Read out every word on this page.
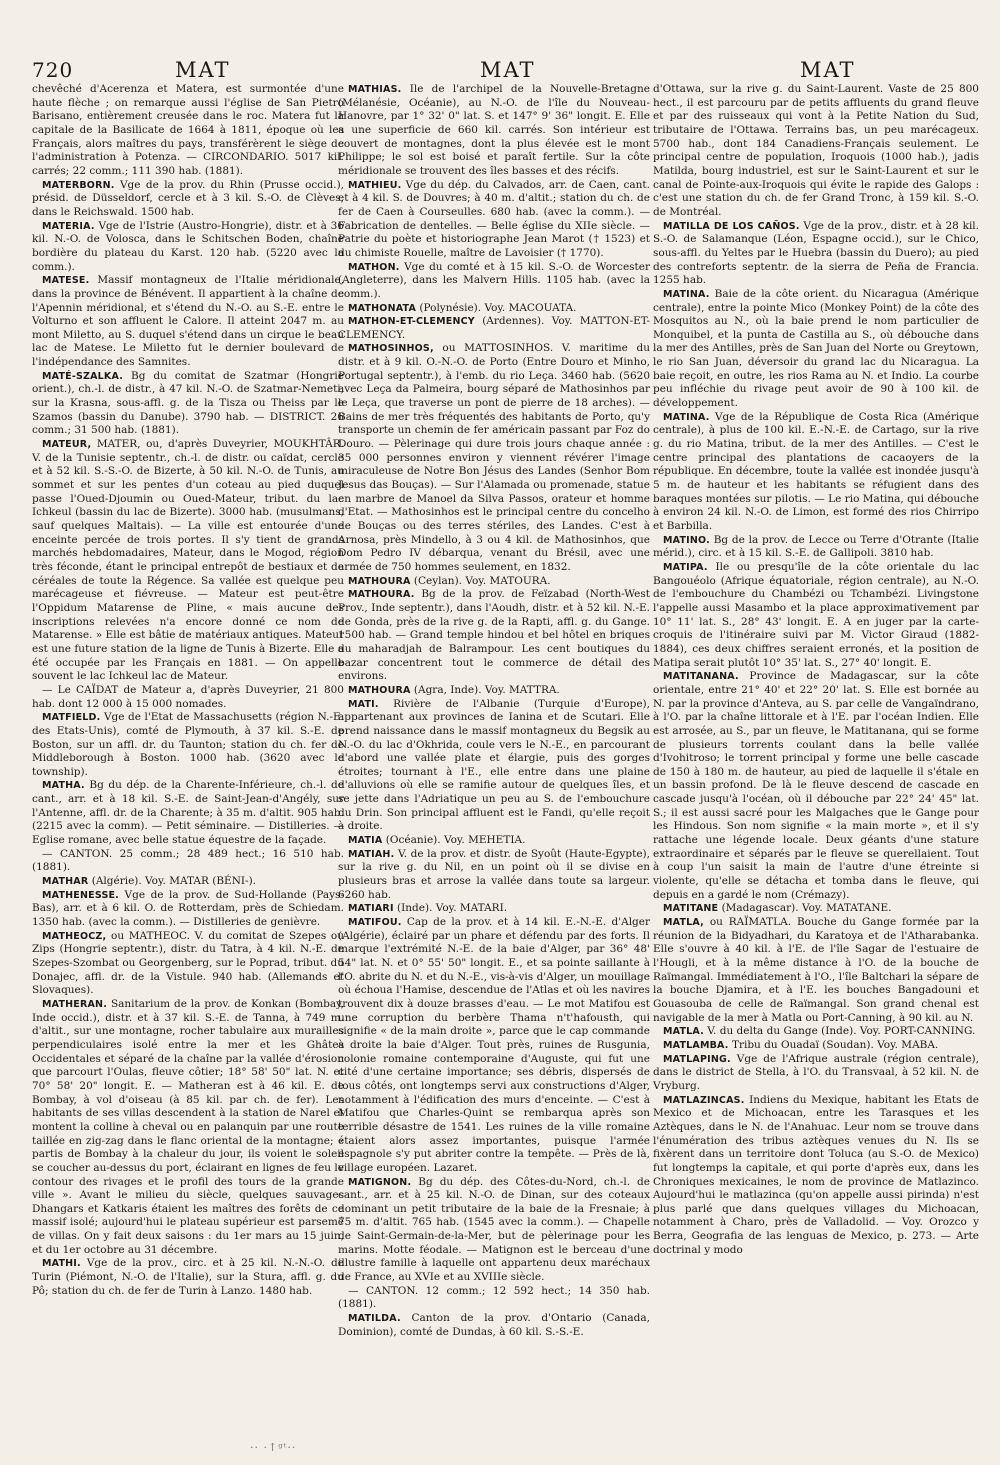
720	MAT	MAT	MAT

chevêché d'Acerenza et Matera, est surmontée d'une haute flèche ; on remarque aussi l'église de San Pietro Barisano, entièrement creusée dans le roc. Matera fut la capitale de la Basilicate de 1664 à 1811, époque où les Français, alors maîtres du pays, transférèrent le siège de l'administration à Potenza. — CIRCONDARIO. 5017 kil. carrés; 22 comm.; 111 390 hab. (1881).

MATERBORN. Vge de la prov. du Rhin (Prusse occid.), présid. de Düsseldorf, cercle et à 3 kil. S.-O. de Clèves, dans le Reichswald. 1500 hab.

MATERIA. Vge de l'Istrie (Austro-Hongrie), distr. et à 36 kil. N.-O. de Volosca, dans le Schitschen Boden, chaîne bordière du plateau du Karst. 120 hab. (5220 avec la comm.).

MATESE. Massif montagneux de l'Italie méridionale, dans la province de Bénévent. Il appartient à la chaîne de l'Apennin méridional, et s'étend du N.-O. au S.-E. entre le Volturno et son affluent le Calore. Il atteint 2047 m. au mont Miletto, au S. duquel s'étend dans un cirque le beau lac de Matese. Le Miletto fut le dernier boulevard de l'indépendance des Samnites.

MATÉ-SZALKA. Bg du comitat de Szatmar (Hongrie orient.), ch.-l. de distr., à 47 kil. N.-O. de Szatmar-Nemeti, sur la Krasna, sous-affl. g. de la Tisza ou Theiss par le Szamos (bassin du Danube). 3790 hab. — DISTRICT. 26 comm.; 31 500 hab. (1881).

MATEUR, MATER, ou, d'après Duveyrier, MOUKHTÂR. V. de la Tunisie septentr., ch.-l. de distr. ou caïdat, cercle et à 52 kil. S.-S.-O. de Bizerte, à 50 kil. N.-O. de Tunis, au sommet et sur les pentes d'un coteau au pied duquel passe l'Oued-Djoumin ou Oued-Mateur, tribut. du lac Ichkeul (bassin du lac de Bizerte). 3000 hab. (musulmans, sauf quelques Maltais). — La ville est entourée d'une enceinte percée de trois portes. Il s'y tient de grands marchés hebdomadaires, Mateur, dans le Mogod, région très féconde, étant le principal entrepôt de bestiaux et de céréales de toute la Régence. Sa vallée est quelque peu marécageuse et fiévreuse. — Mateur est peut-être l'Oppidum Matarense de Pline, « mais aucune des inscriptions relevées n'a encore donné ce nom de Matarense. » Elle est bâtie de matériaux antiques. Mateur est une future station de la ligne de Tunis à Bizerte. Elle a été occupée par les Français en 1881. — On appelle souvent le lac Ichkeul lac de Mateur.

— Le CAÏDAT de Mateur a, d'après Duveyrier, 21 800 hab. dont 12 000 à 15 000 nomades.

MATFIELD. Vge de l'Etat de Massachusetts (région N.-E. des Etats-Unis), comté de Plymouth, à 37 kil. S.-E. de Boston, sur un affl. dr. du Taunton; station du ch. fer de Middleborough à Boston. 1000 hab. (3620 avec le township).

MATHA. Bg du dép. de la Charente-Inférieure, ch.-l. de cant., arr. et à 18 kil. S.-E. de Saint-Jean-d'Angély, sur l'Antenne, affl. dr. de la Charente; à 35 m. d'altit. 905 hab. (2215 avec la comm). — Petit séminaire. — Distilleries. — Eglise romane, avec belle statue équestre de la façade.

— CANTON. 25 comm.; 28 489 hect.; 16 510 hab. (1881).

MATHAR (Algérie). Voy. MATAR (BÉNI-).

MATHENESSE. Vge de la prov. de Sud-Hollande (Pays-Bas), arr. et à 6 kil. O. de Rotterdam, près de Schiedam. 1350 hab. (avec la comm.). — Distilleries de genièvre.

MATHEOCZ, ou MATHEOC. V. du comitat de Szepes ou Zips (Hongrie septentr.), distr. du Tatra, à 4 kil. N.-E. de Szepes-Szombat ou Georgenberg, sur le Poprad, tribut. du Donajec, affl. dr. de la Vistule. 940 hab. (Allemands et Slovaques).

MATHERAN. Sanitarium de la prov. de Konkan (Bombay, Inde occid.), distr. et à 37 kil. S.-E. de Tanna, à 749 m. d'altit., sur une montagne, rocher tabulaire aux murailles perpendiculaires isolé entre la mer et les Ghâtes Occidentales et séparé de la chaîne par la vallée d'érosion que parcourt l'Oulas, fleuve côtier; 18° 58' 50" lat. N. et 70° 58' 20" longit. E. — Matheran est à 46 kil. E. de Bombay, à vol d'oiseau (à 85 kil. par ch. de fer). Les habitants de ses villas descendent à la station de Narel et montent la colline à cheval ou en palanquin par une route taillée en zig-zag dans le flanc oriental de la montagne; « partis de Bombay à la chaleur du jour, ils voient le soleil se coucher au-dessus du port, éclairant en lignes de feu le contour des rivages et le profil des tours de la grande ville ». Avant le milieu du siècle, quelques sauvages Dhangars et Katkaris étaient les maîtres des forêts de ce massif isolé; aujourd'hui le plateau supérieur est parsemé de villas. On y fait deux saisons : du 1er mars au 15 juin, et du 1er octobre au 31 décembre.

MATHI. Vge de la prov., circ. et à 25 kil. N.-N.-O. de Turin (Piémont, N.-O. de l'Italie), sur la Stura, affl. g. du Pô; station du ch. de fer de Turin à Lanzo. 1480 hab.

MATHIAS. Ile de l'archipel de la Nouvelle-Bretagne (Mélanésie, Océanie), au N.-O. de l'île du Nouveau-Hanovre, par 1° 32' 0" lat. S. et 147° 9' 36" longit. E. Elle a une superficie de 660 kil. carrés. Son intérieur est couvert de montagnes, dont la plus élevée est le mont Philippe; le sol est boisé et paraît fertile. Sur la côte méridionale se trouvent des îles basses et des récifs.

MATHIEU. Vge du dép. du Calvados, arr. de Caen, cant. et à 4 kil. S. de Douvres; à 40 m. d'altit.; station du ch. de fer de Caen à Courseulles. 680 hab. (avec la comm.). — Fabrication de dentelles. — Belle église du XIIe siècle. — Patrie du poète et historiographe Jean Marot († 1523) et du chimiste Rouelle, maître de Lavoisier († 1770).

MATHON. Vge du comté et à 15 kil. S.-O. de Worcester (Angleterre), dans les Malvern Hills. 1105 hab. (avec la comm.).

MATHONATA (Polynésie). Voy. MACOUATA.

MATHON-ET-CLEMENCY (Ardennes). Voy. MATTON-ET-CLEMENCY.

MATHOSINHOS, ou MATTOSINHOS. V. maritime du distr. et à 9 kil. O.-N.-O. de Porto (Entre Douro et Minho, Portugal septentr.), à l'emb. du rio Leça. 3460 hab. (5620 avec Leça da Palmeira, bourg séparé de Mathosinhos par le Leça, que traverse un pont de pierre de 18 arches). — Bains de mer très fréquentés des habitants de Porto, qu'y transporte un chemin de fer américain passant par Foz do Douro. — Pèlerinage qui dure trois jours chaque année : 35 000 personnes environ y viennent révérer l'image miraculeuse de Notre Bon Jésus des Landes (Senhor Bom Jesus das Bouças). — Sur l'Alamada ou promenade, statue en marbre de Manoel da Silva Passos, orateur et homme d'Etat. — Mathosinhos est le principal centre du concelho de Bouças ou des terres stériles, des Landes. C'est à Arnosa, près Mindello, à 3 ou 4 kil. de Mathosinhos, que Dom Pedro IV débarqua, venant du Brésil, avec une armée de 750 hommes seulement, en 1832.

MATHOURA (Ceylan). Voy. MATOURA.

MATHOURA. Bg de la prov. de Feïzabad (North-West Prov., Inde septentr.), dans l'Aoudh, distr. et à 52 kil. N.-E. de Gonda, près de la rive g. de la Rapti, affl. g. du Gange. 1500 hab. — Grand temple hindou et bel hôtel en briques du maharadjah de Balrampour. Les cent boutiques du bazar concentrent tout le commerce de détail des environs.

MATHOURA (Agra, Inde). Voy. MATTRA.

MATI. Rivière de l'Albanie (Turquie d'Europe), appartenant aux provinces de Ianina et de Scutari. Elle prend naissance dans le massif montagneux du Begsik au N.-O. du lac d'Okhrida, coule vers le N.-E., en parcourant d'abord une vallée plate et élargie, puis des gorges étroites; tournant à l'E., elle entre dans une plaine d'alluvions où elle se ramifie autour de quelques îles, et se jette dans l'Adriatique un peu au S. de l'embouchure du Drin. Son principal affluent est le Fandi, qu'elle reçoit à droite.

MATIA (Océanie). Voy. MEHETIA.

MATIAH. V. de la prov. et distr. de Syoût (Haute-Egypte), sur la rive g. du Nil, en un point où il se divise en plusieurs bras et arrose la vallée dans toute sa largeur. 6260 hab.

MATIARI (Inde). Voy. MATARI.

MATIFOU. Cap de la prov. et à 14 kil. E.-N.-E. d'Alger (Algérie), éclairé par un phare et défendu par des forts. Il marque l'extrémité N.-E. de la baie d'Alger, par 36° 48' 54" lat. N. et 0° 55' 50" longit. E., et sa pointe saillante à l'O. abrite du N. et du N.-E., vis-à-vis d'Alger, un mouillage où échoua l'Hamise, descendue de l'Atlas et où les navires trouvent dix à douze brasses d'eau. — Le mot Matifou est une corruption du berbère Thama n't'hafousth, qui signifie « de la main droite », parce que le cap commande à droite la baie d'Alger. Tout près, ruines de Rusgunia, colonie romaine contemporaine d'Auguste, qui fut une cité d'une certaine importance; ses débris, dispersés de tous côtés, ont longtemps servi aux constructions d'Alger, notamment à l'édification des murs d'enceinte. — C'est à Matifou que Charles-Quint se rembarqua après son terrible désastre de 1541. Les ruines de la ville romaine étaient alors assez importantes, puisque l'armée espagnole s'y put abriter contre la tempête. — Près de là, village européen. Lazaret.

MATIGNON. Bg du dép. des Côtes-du-Nord, ch.-l. de cant., arr. et à 25 kil. N.-O. de Dinan, sur des coteaux dominant un petit tributaire de la baie de la Fresnaie; à 75 m. d'altit. 765 hab. (1545 avec la comm.). — Chapelle de Saint-Germain-de-la-Mer, but de pèlerinage pour les marins. Motte féodale. — Matignon est le berceau d'une illustre famille à laquelle ont appartenu deux maréchaux de France, au XVIe et au XVIIIe siècle.

— CANTON. 12 comm.; 12 592 hect.; 14 350 hab. (1881).

MATILDA. Canton de la prov. d'Ontario (Canada, Dominion), comté de Dundas, à 60 kil. S.-S.-E.

d'Ottawa, sur la rive g. du Saint-Laurent. Vaste de 25 800 hect., il est parcouru par de petits affluents du grand fleuve et par des ruisseaux qui vont à la Petite Nation du Sud, tributaire de l'Ottawa. Terrains bas, un peu marécageux. 5700 hab., dont 184 Canadiens-Français seulement. Le principal centre de population, Iroquois (1000 hab.), jadis Matilda, bourg industriel, est sur le Saint-Laurent et sur le canal de Pointe-aux-Iroquois qui évite le rapide des Galops : c'est une station du ch. de fer Grand Tronc, à 159 kil. S.-O. de Montréal.

MATILLA DE LOS CAÑOS. Vge de la prov., distr. et à 28 kil. S.-O. de Salamanque (Léon, Espagne occid.), sur le Chico, sous-affl. du Yeltes par le Huebra (bassin du Duero); au pied des contreforts septentr. de la sierra de Peña de Francia. 1255 hab.

MATINA. Baie de la côte orient. du Nicaragua (Amérique centrale), entre la pointe Mico (Monkey Point) de la côte des Mosquitos au N., où la baie prend le nom particulier de Monquibel, et la punta de Castilla au S., où débouche dans la mer des Antilles, près de San Juan del Norte ou Greytown, le rio San Juan, déversoir du grand lac du Nicaragua. La baie reçoit, en outre, les rios Rama au N. et Indio. La courbe peu infléchie du rivage peut avoir de 90 à 100 kil. de développement.

MATINA. Vge de la République de Costa Rica (Amérique centrale), à plus de 100 kil. E.-N.-E. de Cartago, sur la rive g. du rio Matina, tribut. de la mer des Antilles. — C'est le centre principal des plantations de cacaoyers de la république. En décembre, toute la vallée est inondée jusqu'à 5 m. de hauteur et les habitants se réfugient dans des baraques montées sur pilotis. — Le rio Matina, qui débouche à environ 24 kil. N.-O. de Limon, est formé des rios Chirripo et Barbilla.

MATINO. Bg de la prov. de Lecce ou Terre d'Otrante (Italie mérid.), circ. et à 15 kil. S.-E. de Gallipoli. 3810 hab.

MATIPA. Ile ou presqu'île de la côte orientale du lac Bangouéolo (Afrique équatoriale, région centrale), au N.-O. de l'embouchure du Chambézi ou Tchambézi. Livingstone l'appelle aussi Masambo et la place approximativement par 10° 11' lat. S., 28° 43' longit. E. A en juger par la carte-croquis de l'itinéraire suivi par M. Victor Giraud (1882-1884), ces deux chiffres seraient erronés, et la position de Matipa serait plutôt 10° 35' lat. S., 27° 40' longit. E.

MATITANANA. Province de Madagascar, sur la côte orientale, entre 21° 40' et 22° 20' lat. S. Elle est bornée au N. par la province d'Anteva, au S. par celle de Vangaïndrano, à l'O. par la chaîne littorale et à l'E. par l'océan Indien. Elle est arrosée, au S., par un fleuve, le Matitanana, qui se forme de plusieurs torrents coulant dans la belle vallée d'Ivohitroso; le torrent principal y forme une belle cascade de 150 à 180 m. de hauteur, au pied de laquelle il s'étale en un bassin profond. De là le fleuve descend de cascade en cascade jusqu'à l'océan, où il débouche par 22° 24' 45" lat. S.; il est aussi sacré pour les Malgaches que le Gange pour les Hindous. Son nom signifie « la main morte », et il s'y rattache une légende locale. Deux géants d'une stature extraordinaire et séparés par le fleuve se querellaient. Tout à coup l'un saisit la main de l'autre d'une étreinte si violente, qu'elle se détacha et tomba dans le fleuve, qui depuis en a gardé le nom (Crémazy).

MATITANE (Madagascar). Voy. MATATANE.

MATLA, ou RAÏMATLA. Bouche du Gange formée par la réunion de la Bidyadhari, du Karatoya et de l'Atharabanka. Elle s'ouvre à 40 kil. à l'E. de l'île Sagar de l'estuaire de l'Hougli, et à la même distance à l'O. de la bouche de Raïmangal. Immédiatement à l'O., l'île Baltchari la sépare de la bouche Djamira, et à l'E. les bouches Bangadouni et Gouasouba de celle de Raïmangal. Son grand chenal est navigable de la mer à Matla ou Port-Canning, à 90 kil. au N.

MATLA. V. du delta du Gange (Inde). Voy. PORT-CANNING.

MATLAMBA. Tribu du Ouadaï (Soudan). Voy. MABA.

MATLAPING. Vge de l'Afrique australe (région centrale), dans le district de Stella, à l'O. du Transvaal, à 52 kil. N. de Vryburg.

MATLAZINCAS. Indiens du Mexique, habitant les Etats de Mexico et de Michoacan, entre les Tarasques et les Aztèques, dans le N. de l'Anahuac. Leur nom se trouve dans l'énumération des tribus aztèques venues du N. Ils se fixèrent dans un territoire dont Toluca (au S.-O. de Mexico) fut longtemps la capitale, et qui porte d'après eux, dans les Chroniques mexicaines, le nom de province de Matlazinco. Aujourd'hui le matlazinca (qu'on appelle aussi pirinda) n'est plus parlé que dans quelques villages du Michoacan, notamment à Charo, près de Valladolid. — Voy. Orozco y Berra, Geografia de las lenguas de Mexico, p. 273. — Arte doctrinal y modo

·· ·↑ᵍᵗ··
